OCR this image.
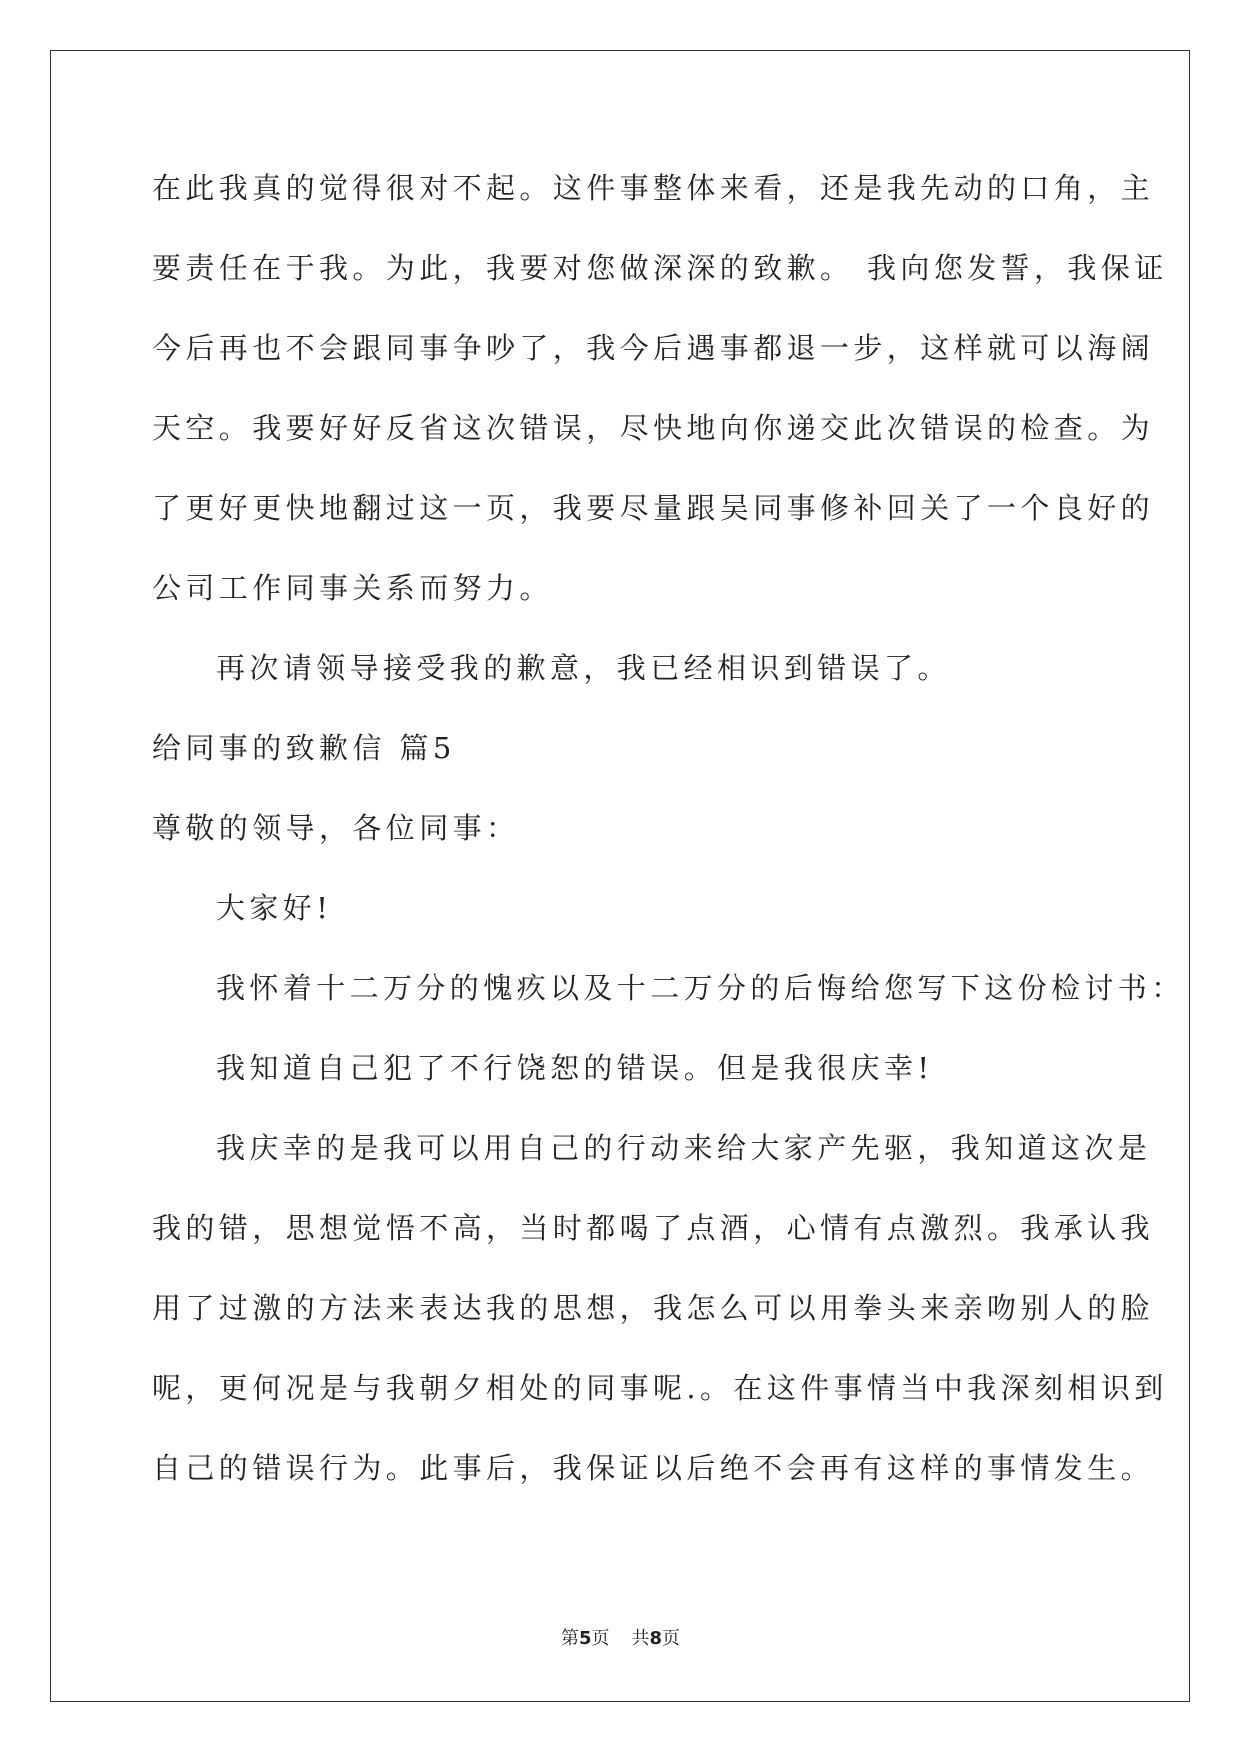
在此我真的觉得很对不起。这件事整体来看，还是我先动的口角，主
要责任在于我。为此，我要对您做深深的致歉。 我向您发誓，我保证
今后再也不会跟同事争吵了，我今后遇事都退一步，这样就可以海阔
天空。我要好好反省这次错误，尽快地向你递交此次错误的检查。为
了更好更快地翻过这一页，我要尽量跟吴同事修补回关了一个良好的
公司工作同事关系而努力。
再次请领导接受我的歉意，我已经相识到错误了。
给同事的致歉信 篇5
尊敬的领导，各位同事：
大家好!
我怀着十二万分的愧疚以及十二万分的后悔给您写下这份检讨书：
我知道自己犯了不行饶恕的错误。但是我很庆幸!
我庆幸的是我可以用自己的行动来给大家产先驱，我知道这次是
我的错，思想觉悟不高，当时都喝了点酒，心情有点激烈。我承认我
用了过激的方法来表达我的思想，我怎么可以用拳头来亲吻别人的脸
呢，更何况是与我朝夕相处的同事呢.。在这件事情当中我深刻相识到
自己的错误行为。此事后，我保证以后绝不会再有这样的事情发生。
第5页 共8页
